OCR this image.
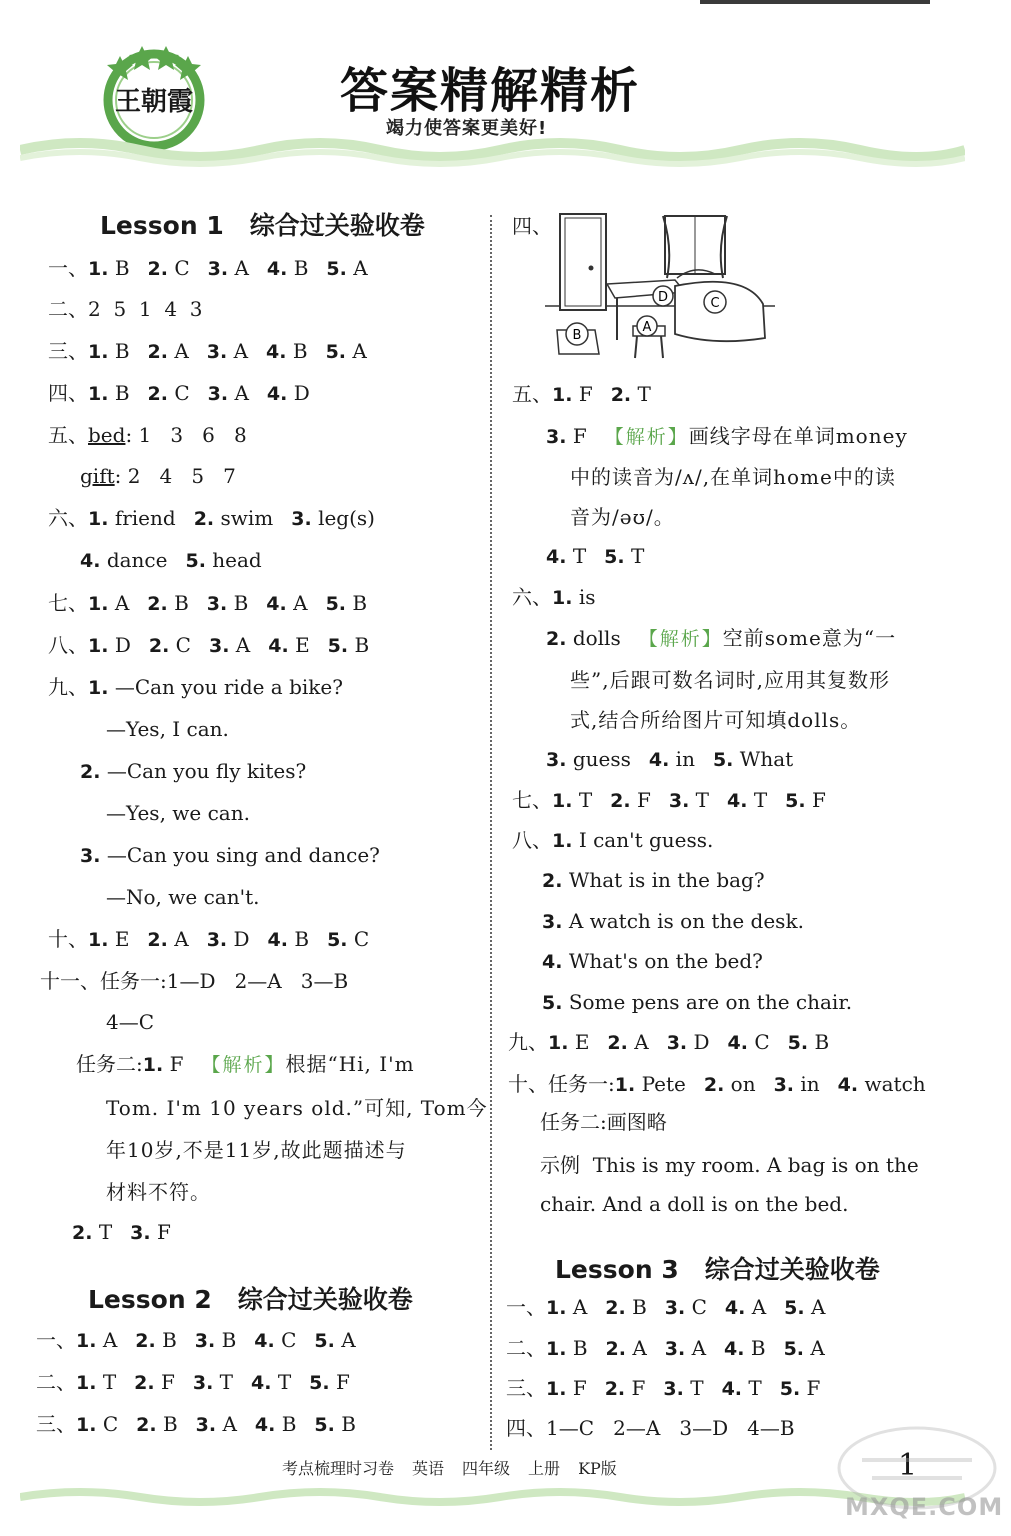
王朝霞	答案精解精析
竭力使答案更美好!
Lesson 1 综合过关验收卷
一、1. B 2. C 3. A 4. B 5. A
二、2  5  1  4  3
三、1. B 2. A 3. A 4. B 5. A
四、1. B 2. C 3. A 4. D
五、bed: 1   3   6   8
gift: 2   4   5   7
六、1. friend 2. swim 3. leg(s)
4. dance 5. head
七、1. A 2. B 3. B 4. A 5. B
八、1. D 2. C 3. A 4. E 5. B
九、1. —Can you ride a bike?
—Yes, I can.
2. —Can you fly kites?
—Yes, we can.
3. —Can you sing and dance?
—No, we can't.
十、1. E 2. A 3. D 4. B 5. C
十一、任务一:1—D   2—A   3—B
4—C
任务二:1. F 【解析】根据“Hi, I'm
Tom. I'm 10 years old.”可知, Tom今
年10岁,不是11岁,故此题描述与
材料不符。
2. T 3. F
Lesson 2 综合过关验收卷
一、1. A 2. B 3. B 4. C 5. A
二、1. T 2. F 3. T 4. T 5. F
三、1. C 2. B 3. A 4. B 5. B
四、
D	C
B
A
五、1. F 2. T
3. F 【解析】画线字母在单词money
中的读音为/ʌ/,在单词home中的读
音为/əʊ/。
4. T 5. T
六、1. is
2. dolls 【解析】空前some意为“一
些”,后跟可数名词时,应用其复数形
式,结合所给图片可知填dolls。
3. guess 4. in 5. What
七、1. T 2. F 3. T 4. T 5. F
八、1. I can't guess.
2. What is in the bag?
3. A watch is on the desk.
4. What's on the bed?
5. Some pens are on the chair.
九、1. E 2. A 3. D 4. C 5. B
十、任务一:1. Pete 2. on 3. in 4. watch
任务二:画图略
示例 This is my room. A bag is on the
chair. And a doll is on the bed.
Lesson 3 综合过关验收卷
一、1. A 2. B 3. C 4. A 5. A
二、1. B 2. A 3. A 4. B 5. A
三、1. F 2. F 3. T 4. T 5. F
四、1—C   2—A   3—D   4—B
考点梳理时习卷 英语 四年级 上册 KP版	1
MXQE.COM
